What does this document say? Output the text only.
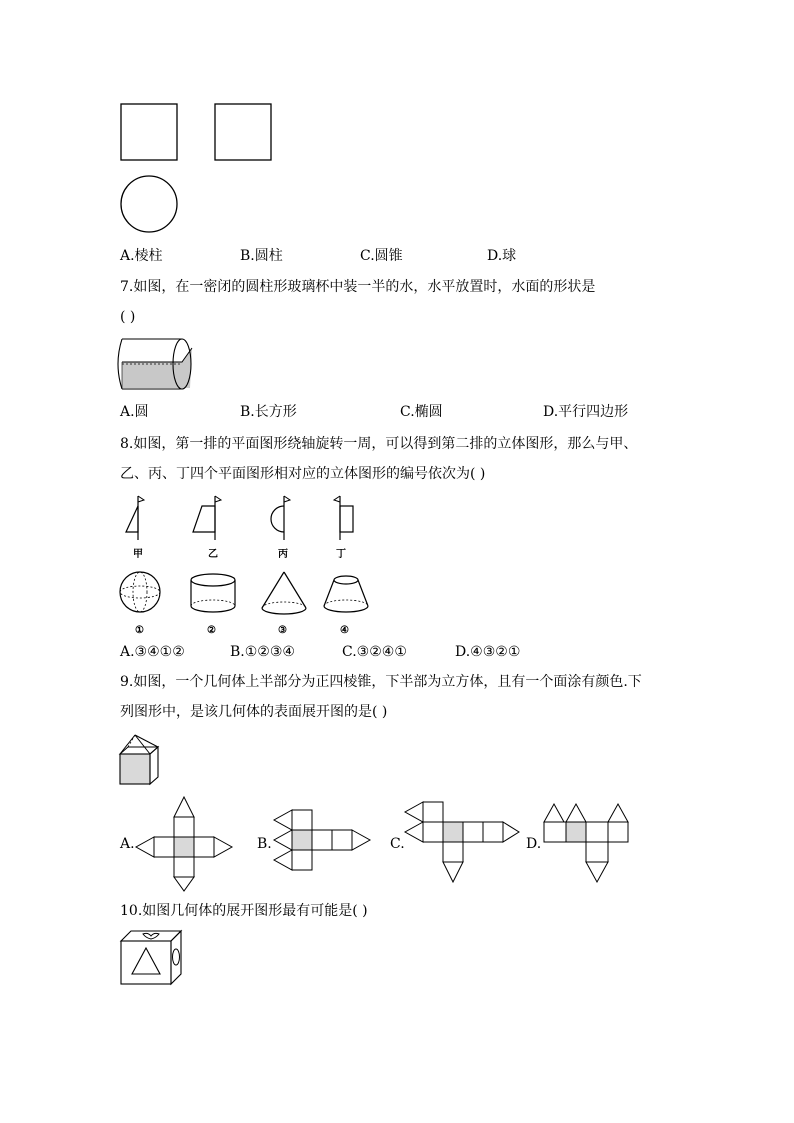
A.棱柱	B.圆柱	C.圆锥	D.球
7.如图，在一密闭的圆柱形玻璃杯中装一半的水，水平放置时，水面的形状是
( )
A.圆	B.长方形	C.椭圆	D.平行四边形
8.如图，第一排的平面图形绕轴旋转一周，可以得到第二排的立体图形，那么与甲、
乙、丙、丁四个平面图形相对应的立体图形的编号依次为( )
甲	乙	丙	丁
①	②	③	④
A.③④①②	B.①②③④	C.③②④①	D.④③②①
9.如图，一个几何体上半部分为正四棱锥，下半部为立方体，且有一个面涂有颜色.下
列图形中，是该几何体的表面展开图的是( )
A.	B.	C.	D.
10.如图几何体的展开图形最有可能是( )
